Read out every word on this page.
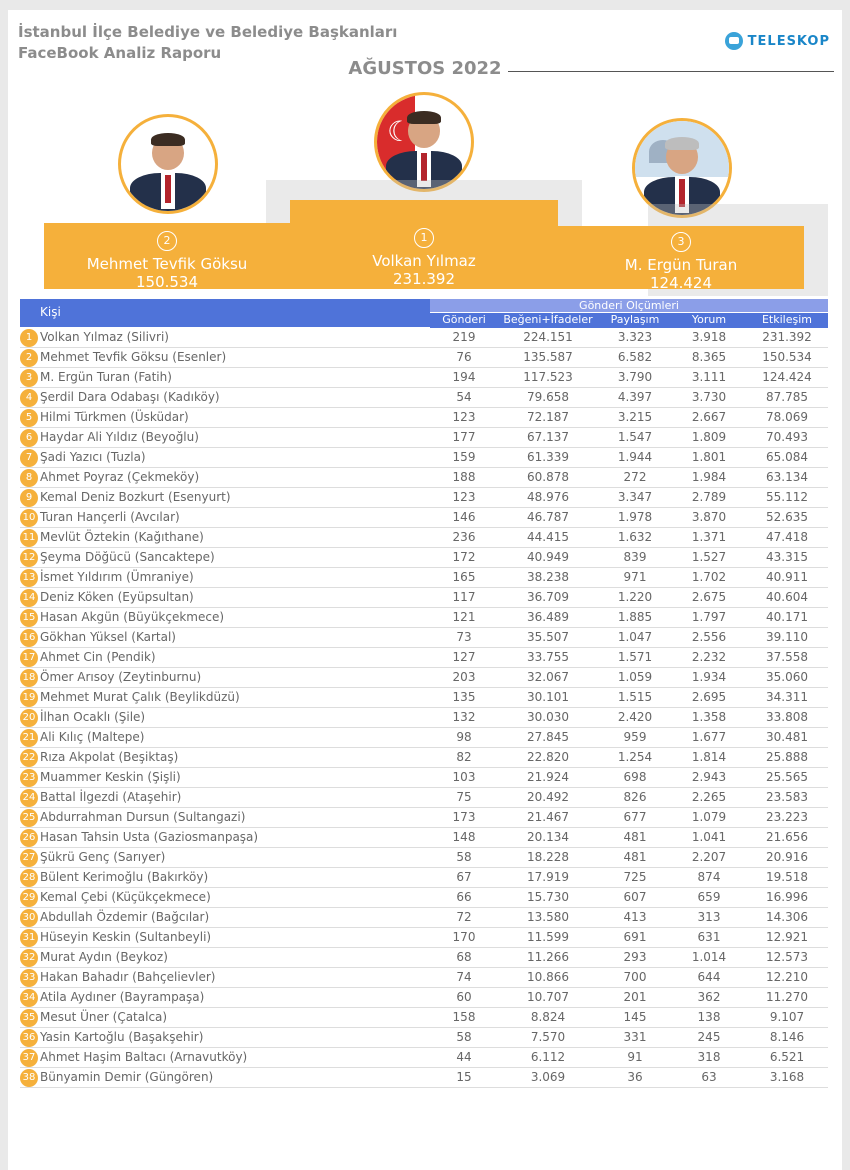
İstanbul İlçe Belediye ve Belediye Başkanları
FaceBook Analiz Raporu
TELESKOP
AĞUSTOS 2022
☾
2
Mehmet Tevfik Göksu
150.534
1
Volkan Yılmaz
231.392
3
M. Ergün Turan
124.424
Kişi	Gönderi Olçümleri
Gönderi	Beğeni+İfadeler	Paylaşım	Yorum	Etkileşim
1 Volkan Yılmaz (Silivri)	219	224.151	3.323	3.918	231.392
2 Mehmet Tevfik Göksu (Esenler)	76	135.587	6.582	8.365	150.534
3 M. Ergün Turan (Fatih)	194	117.523	3.790	3.111	124.424
4 Şerdil Dara Odabaşı (Kadıköy)	54	79.658	4.397	3.730	87.785
5 Hilmi Türkmen (Üsküdar)	123	72.187	3.215	2.667	78.069
6 Haydar Ali Yıldız (Beyoğlu)	177	67.137	1.547	1.809	70.493
7 Şadi Yazıcı (Tuzla)	159	61.339	1.944	1.801	65.084
8 Ahmet Poyraz (Çekmeköy)	188	60.878	272	1.984	63.134
9 Kemal Deniz Bozkurt (Esenyurt)	123	48.976	3.347	2.789	55.112
10 Turan Hançerli (Avcılar)	146	46.787	1.978	3.870	52.635
11 Mevlüt Öztekin (Kağıthane)	236	44.415	1.632	1.371	47.418
12 Şeyma Döğücü (Sancaktepe)	172	40.949	839	1.527	43.315
13 İsmet Yıldırım (Ümraniye)	165	38.238	971	1.702	40.911
14 Deniz Köken (Eyüpsultan)	117	36.709	1.220	2.675	40.604
15 Hasan Akgün (Büyükçekmece)	121	36.489	1.885	1.797	40.171
16 Gökhan Yüksel (Kartal)	73	35.507	1.047	2.556	39.110
17 Ahmet Cin (Pendik)	127	33.755	1.571	2.232	37.558
18 Ömer Arısoy (Zeytinburnu)	203	32.067	1.059	1.934	35.060
19 Mehmet Murat Çalık (Beylikdüzü)	135	30.101	1.515	2.695	34.311
20 İlhan Ocaklı (Şile)	132	30.030	2.420	1.358	33.808
21 Ali Kılıç (Maltepe)	98	27.845	959	1.677	30.481
22 Rıza Akpolat (Beşiktaş)	82	22.820	1.254	1.814	25.888
23 Muammer Keskin (Şişli)	103	21.924	698	2.943	25.565
24 Battal İlgezdi (Ataşehir)	75	20.492	826	2.265	23.583
25 Abdurrahman Dursun (Sultangazi)	173	21.467	677	1.079	23.223
26 Hasan Tahsin Usta (Gaziosmanpaşa)	148	20.134	481	1.041	21.656
27 Şükrü Genç (Sarıyer)	58	18.228	481	2.207	20.916
28 Bülent Kerimoğlu (Bakırköy)	67	17.919	725	874	19.518
29 Kemal Çebi (Küçükçekmece)	66	15.730	607	659	16.996
30 Abdullah Özdemir (Bağcılar)	72	13.580	413	313	14.306
31 Hüseyin Keskin (Sultanbeyli)	170	11.599	691	631	12.921
32 Murat Aydın (Beykoz)	68	11.266	293	1.014	12.573
33 Hakan Bahadır (Bahçelievler)	74	10.866	700	644	12.210
34 Atila Aydıner (Bayrampaşa)	60	10.707	201	362	11.270
35 Mesut Üner (Çatalca)	158	8.824	145	138	9.107
36 Yasin Kartoğlu (Başakşehir)	58	7.570	331	245	8.146
37 Ahmet Haşim Baltacı (Arnavutköy)	44	6.112	91	318	6.521
38 Bünyamin Demir (Güngören)	15	3.069	36	63	3.168
